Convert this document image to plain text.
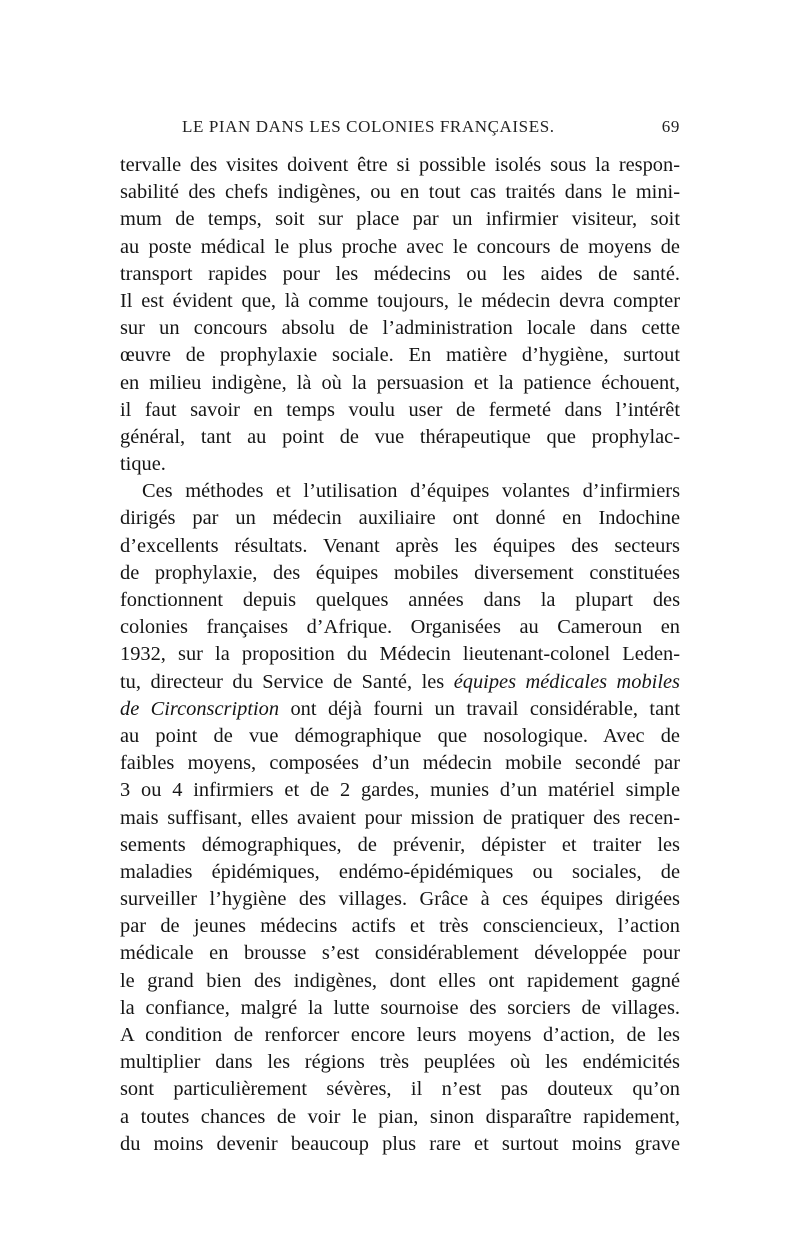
LE PIAN DANS LES COLONIES FRANÇAISES.	69
tervalle des visites doivent être si possible isolés sous la respon-
sabilité des chefs indigènes, ou en tout cas traités dans le mini-
mum de temps, soit sur place par un infirmier visiteur, soit
au poste médical le plus proche avec le concours de moyens de
transport rapides pour les médecins ou les aides de santé.
Il est évident que, là comme toujours, le médecin devra compter
sur un concours absolu de l’administration locale dans cette
œuvre de prophylaxie sociale. En matière d’hygiène, surtout
en milieu indigène, là où la persuasion et la patience échouent,
il faut savoir en temps voulu user de fermeté dans l’intérêt
général, tant au point de vue thérapeutique que prophylac-
tique.
Ces méthodes et l’utilisation d’équipes volantes d’infirmiers
dirigés par un médecin auxiliaire ont donné en Indochine
d’excellents résultats. Venant après les équipes des secteurs
de prophylaxie, des équipes mobiles diversement constituées
fonctionnent depuis quelques années dans la plupart des
colonies françaises d’Afrique. Organisées au Cameroun en
1932, sur la proposition du Médecin lieutenant-colonel Leden-
tu, directeur du Service de Santé, les équipes médicales mobiles
de Circonscription ont déjà fourni un travail considérable, tant
au point de vue démographique que nosologique. Avec de
faibles moyens, composées d’un médecin mobile secondé par
3 ou 4 infirmiers et de 2 gardes, munies d’un matériel simple
mais suffisant, elles avaient pour mission de pratiquer des recen-
sements démographiques, de prévenir, dépister et traiter les
maladies épidémiques, endémo-épidémiques ou sociales, de
surveiller l’hygiène des villages. Grâce à ces équipes dirigées
par de jeunes médecins actifs et très consciencieux, l’action
médicale en brousse s’est considérablement développée pour
le grand bien des indigènes, dont elles ont rapidement gagné
la confiance, malgré la lutte sournoise des sorciers de villages.
A condition de renforcer encore leurs moyens d’action, de les
multiplier dans les régions très peuplées où les endémicités
sont particulièrement sévères, il n’est pas douteux qu’on
a toutes chances de voir le pian, sinon disparaître rapidement,
du moins devenir beaucoup plus rare et surtout moins grave
